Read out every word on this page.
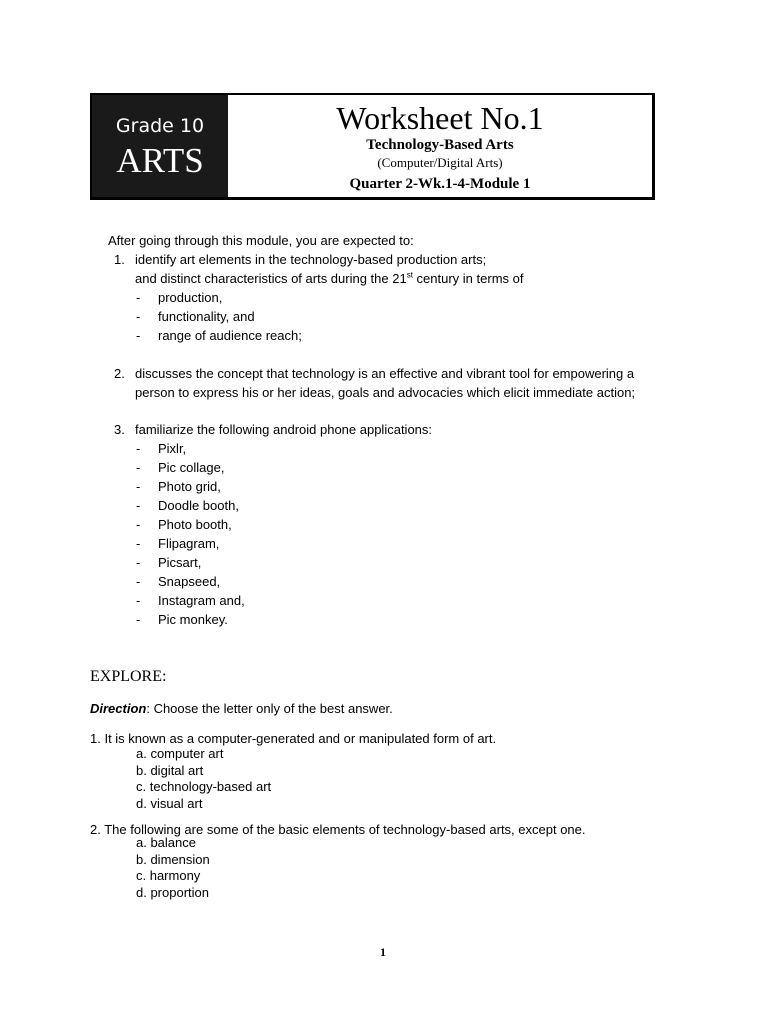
Grade 10
ARTS
Worksheet No.1
Technology-Based Arts
(Computer/Digital Arts)
Quarter 2-Wk.1-4-Module 1
After going through this module, you are expected to:
1. identify art elements in the technology-based production arts;
and distinct characteristics of arts during the 21st century in terms of
- production,
- functionality, and
- range of audience reach;
2. discusses the concept that technology is an effective and vibrant tool for empowering a
person to express his or her ideas, goals and advocacies which elicit immediate action;
3. familiarize the following android phone applications:
- Pixlr,
- Pic collage,
- Photo grid,
- Doodle booth,
- Photo booth,
- Flipagram,
- Picsart,
- Snapseed,
- Instagram and,
- Pic monkey.
EXPLORE:
Direction: Choose the letter only of the best answer.
1. It is known as a computer-generated and or manipulated form of art.
a. computer art
b. digital art
c. technology-based art
d. visual art
2. The following are some of the basic elements of technology-based arts, except one.
a. balance
b. dimension
c. harmony
d. proportion
1
